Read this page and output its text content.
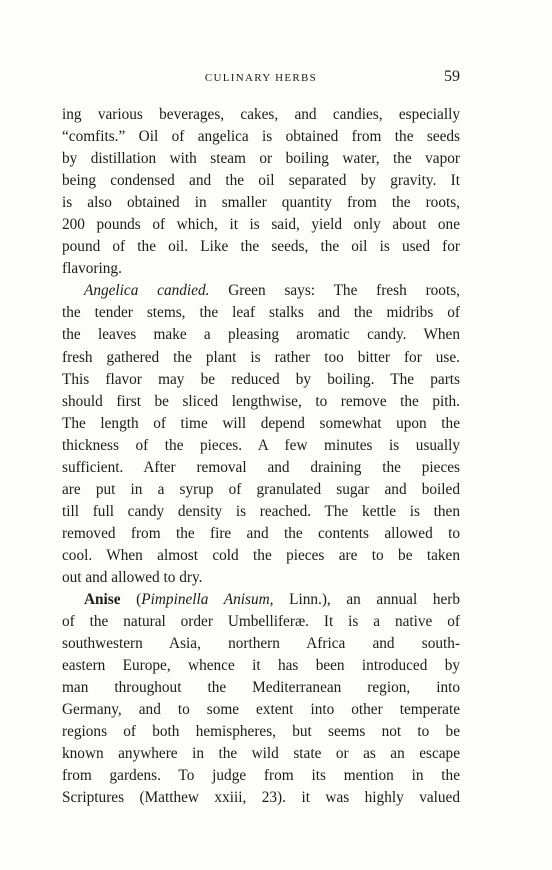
CULINARY HERBS	59

ing various beverages, cakes, and candies, especially
“comfits.” Oil of angelica is obtained from the seeds
by distillation with steam or boiling water, the vapor
being condensed and the oil separated by gravity. It
is also obtained in smaller quantity from the roots,
200 pounds of which, it is said, yield only about one
pound of the oil. Like the seeds, the oil is used for
flavoring.

Angelica candied. Green says: The fresh roots,
the tender stems, the leaf stalks and the midribs of
the leaves make a pleasing aromatic candy. When
fresh gathered the plant is rather too bitter for use.
This flavor may be reduced by boiling. The parts
should first be sliced lengthwise, to remove the pith.
The length of time will depend somewhat upon the
thickness of the pieces. A few minutes is usually
sufficient. After removal and draining the pieces
are put in a syrup of granulated sugar and boiled
till full candy density is reached. The kettle is then
removed from the fire and the contents allowed to
cool. When almost cold the pieces are to be taken
out and allowed to dry.

Anise (Pimpinella Anisum, Linn.), an annual herb
of the natural order Umbelliferæ. It is a native of
southwestern Asia, northern Africa and south-
eastern Europe, whence it has been introduced by
man throughout the Mediterranean region, into
Germany, and to some extent into other temperate
regions of both hemispheres, but seems not to be
known anywhere in the wild state or as an escape
from gardens. To judge from its mention in the
Scriptures (Matthew xxiii, 23). it was highly valued
